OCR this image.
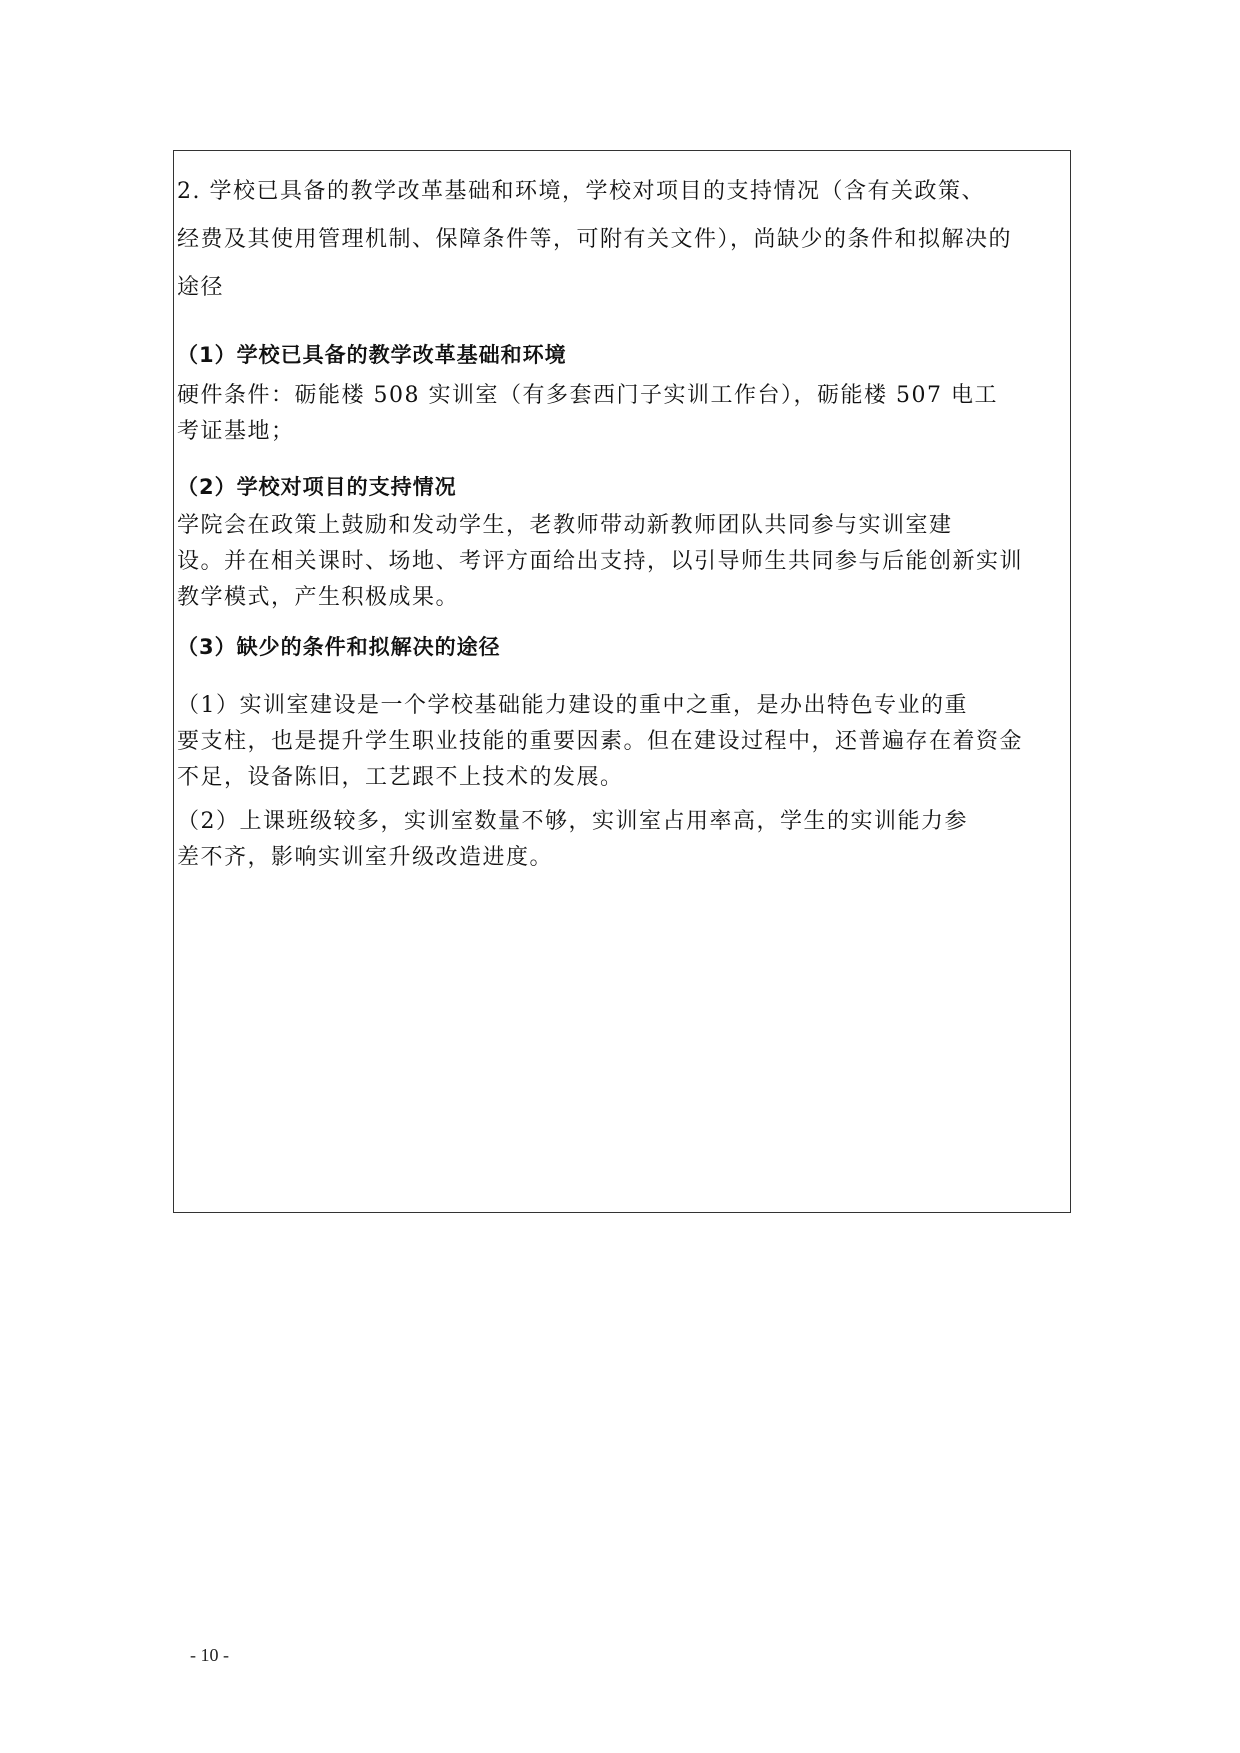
2. 学校已具备的教学改革基础和环境，学校对项目的支持情况（含有关政策、
经费及其使用管理机制、保障条件等，可附有关文件），尚缺少的条件和拟解决的
途径
（1）学校已具备的教学改革基础和环境
硬件条件：砺能楼 508 实训室（有多套西门子实训工作台），砺能楼 507 电工
考证基地；
（2）学校对项目的支持情况
学院会在政策上鼓励和发动学生，老教师带动新教师团队共同参与实训室建
设。并在相关课时、场地、考评方面给出支持，以引导师生共同参与后能创新实训
教学模式，产生积极成果。
（3）缺少的条件和拟解决的途径
（1）实训室建设是一个学校基础能力建设的重中之重，是办出特色专业的重
要支柱，也是提升学生职业技能的重要因素。但在建设过程中，还普遍存在着资金
不足，设备陈旧，工艺跟不上技术的发展。
（2）上课班级较多，实训室数量不够，实训室占用率高，学生的实训能力参
差不齐，影响实训室升级改造进度。
- 10 -
